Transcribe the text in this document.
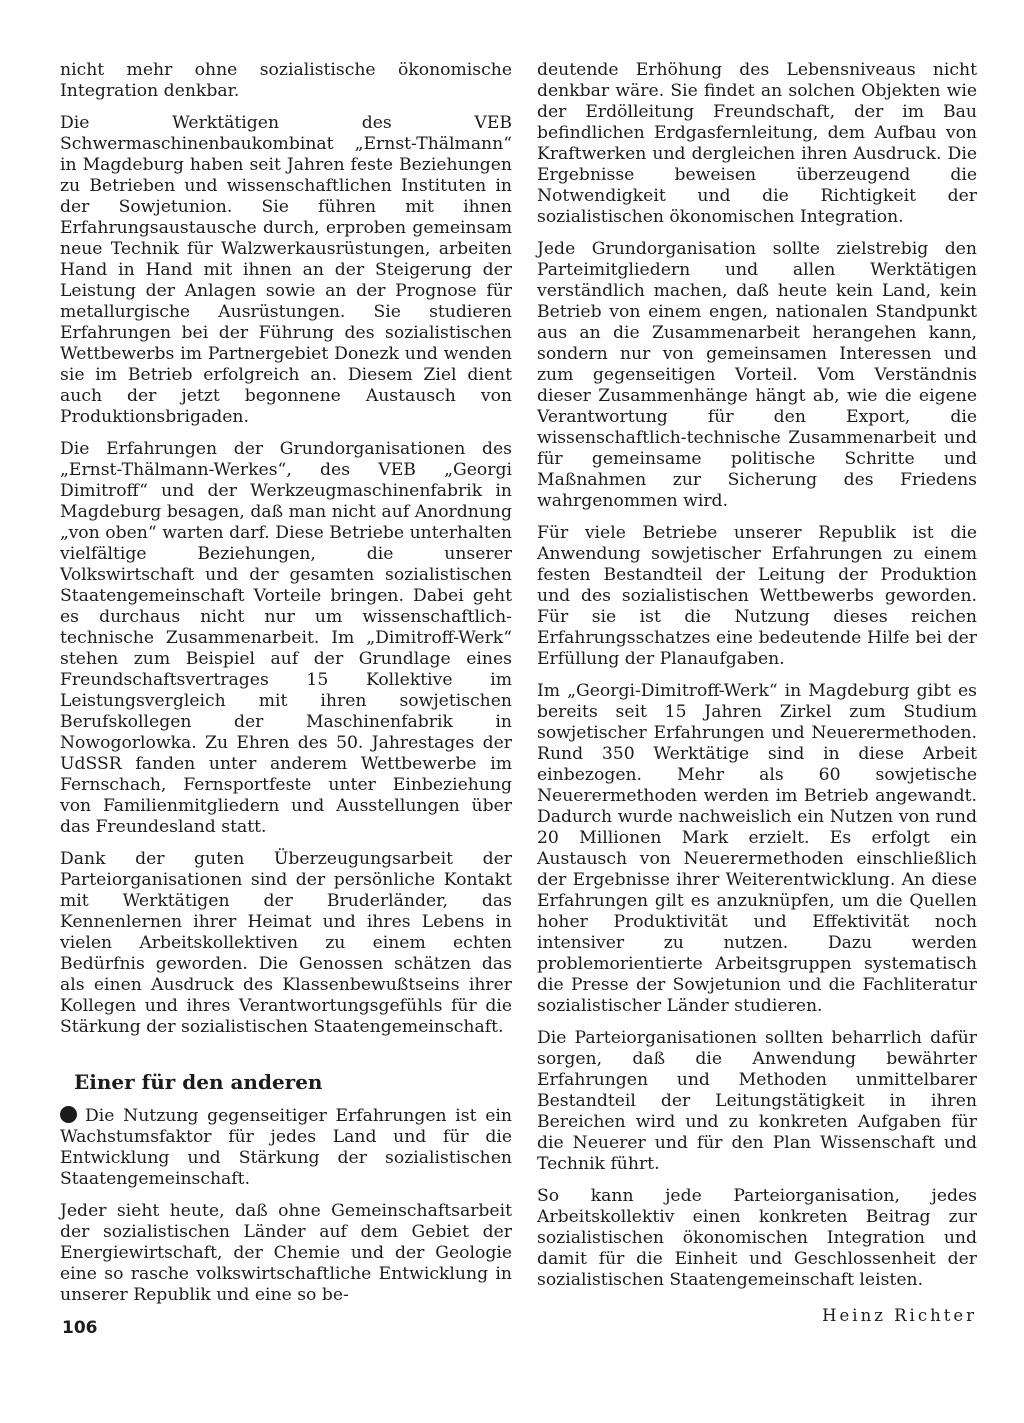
nicht mehr ohne sozialistische ökonomische Integration denkbar.

Die Werktätigen des VEB Schwermaschinenbaukombinat „Ernst-Thälmann“ in Magdeburg haben seit Jahren feste Beziehungen zu Betrieben und wissenschaftlichen Instituten in der Sowjetunion. Sie führen mit ihnen Erfahrungsaustausche durch, erproben gemeinsam neue Technik für Walzwerkausrüstungen, arbeiten Hand in Hand mit ihnen an der Steigerung der Leistung der Anlagen sowie an der Prognose für metallurgische Ausrüstungen. Sie studieren Erfahrungen bei der Führung des sozialistischen Wettbewerbs im Partnergebiet Donezk und wenden sie im Betrieb erfolgreich an. Diesem Ziel dient auch der jetzt begonnene Austausch von Produktionsbrigaden.

Die Erfahrungen der Grundorganisationen des „Ernst-Thälmann-Werkes“, des VEB „Georgi Dimitroff“ und der Werkzeugmaschinenfabrik in Magdeburg besagen, daß man nicht auf Anordnung „von oben“ warten darf. Diese Betriebe unterhalten vielfältige Beziehungen, die unserer Volkswirtschaft und der gesamten sozialistischen Staatengemeinschaft Vorteile bringen. Dabei geht es durchaus nicht nur um wissenschaftlich-technische Zusammenarbeit. Im „Dimitroff-Werk“ stehen zum Beispiel auf der Grundlage eines Freundschaftsvertrages 15 Kollektive im Leistungsvergleich mit ihren sowjetischen Berufskollegen der Maschinenfabrik in Nowogorlowka. Zu Ehren des 50. Jahrestages der UdSSR fanden unter anderem Wettbewerbe im Fernschach, Fernsportfeste unter Einbeziehung von Familienmitgliedern und Ausstellungen über das Freundesland statt.

Dank der guten Überzeugungsarbeit der Parteiorganisationen sind der persönliche Kontakt mit Werktätigen der Bruderländer, das Kennenlernen ihrer Heimat und ihres Lebens in vielen Arbeitskollektiven zu einem echten Bedürfnis geworden. Die Genossen schätzen das als einen Ausdruck des Klassenbewußtseins ihrer Kollegen und ihres Verantwortungsgefühls für die Stärkung der sozialistischen Staatengemeinschaft.

Einer für den anderen

Die Nutzung gegenseitiger Erfahrungen ist ein Wachstumsfaktor für jedes Land und für die Entwicklung und Stärkung der sozialistischen Staatengemeinschaft.

Jeder sieht heute, daß ohne Gemeinschaftsarbeit der sozialistischen Länder auf dem Gebiet der Energiewirtschaft, der Chemie und der Geologie eine so rasche volkswirtschaftliche Entwicklung in unserer Republik und eine so be-

deutende Erhöhung des Lebensniveaus nicht denkbar wäre. Sie findet an solchen Objekten wie der Erdölleitung Freundschaft, der im Bau befindlichen Erdgasfernleitung, dem Aufbau von Kraftwerken und dergleichen ihren Ausdruck. Die Ergebnisse beweisen überzeugend die Notwendigkeit und die Richtigkeit der sozialistischen ökonomischen Integration.

Jede Grundorganisation sollte zielstrebig den Parteimitgliedern und allen Werktätigen verständlich machen, daß heute kein Land, kein Betrieb von einem engen, nationalen Standpunkt aus an die Zusammenarbeit herangehen kann, sondern nur von gemeinsamen Interessen und zum gegenseitigen Vorteil. Vom Verständnis dieser Zusammenhänge hängt ab, wie die eigene Verantwortung für den Export, die wissenschaftlich-technische Zusammenarbeit und für gemeinsame politische Schritte und Maßnahmen zur Sicherung des Friedens wahrgenommen wird.

Für viele Betriebe unserer Republik ist die Anwendung sowjetischer Erfahrungen zu einem festen Bestandteil der Leitung der Produktion und des sozialistischen Wettbewerbs geworden. Für sie ist die Nutzung dieses reichen Erfahrungsschatzes eine bedeutende Hilfe bei der Erfüllung der Planaufgaben.

Im „Georgi-Dimitroff-Werk“ in Magdeburg gibt es bereits seit 15 Jahren Zirkel zum Studium sowjetischer Erfahrungen und Neuerermethoden. Rund 350 Werktätige sind in diese Arbeit einbezogen. Mehr als 60 sowjetische Neuerermethoden werden im Betrieb angewandt. Dadurch wurde nachweislich ein Nutzen von rund 20 Millionen Mark erzielt. Es erfolgt ein Austausch von Neuerermethoden einschließlich der Ergebnisse ihrer Weiterentwicklung. An diese Erfahrungen gilt es anzuknüpfen, um die Quellen hoher Produktivität und Effektivität noch intensiver zu nutzen. Dazu werden problemorientierte Arbeitsgruppen systematisch die Presse der Sowjetunion und die Fachliteratur sozialistischer Länder studieren.

Die Parteiorganisationen sollten beharrlich dafür sorgen, daß die Anwendung bewährter Erfahrungen und Methoden unmittelbarer Bestandteil der Leitungstätigkeit in ihren Bereichen wird und zu konkreten Aufgaben für die Neuerer und für den Plan Wissenschaft und Technik führt.

So kann jede Parteiorganisation, jedes Arbeitskollektiv einen konkreten Beitrag zur sozialistischen ökonomischen Integration und damit für die Einheit und Geschlossenheit der sozialistischen Staatengemeinschaft leisten.

Heinz Richter
106
